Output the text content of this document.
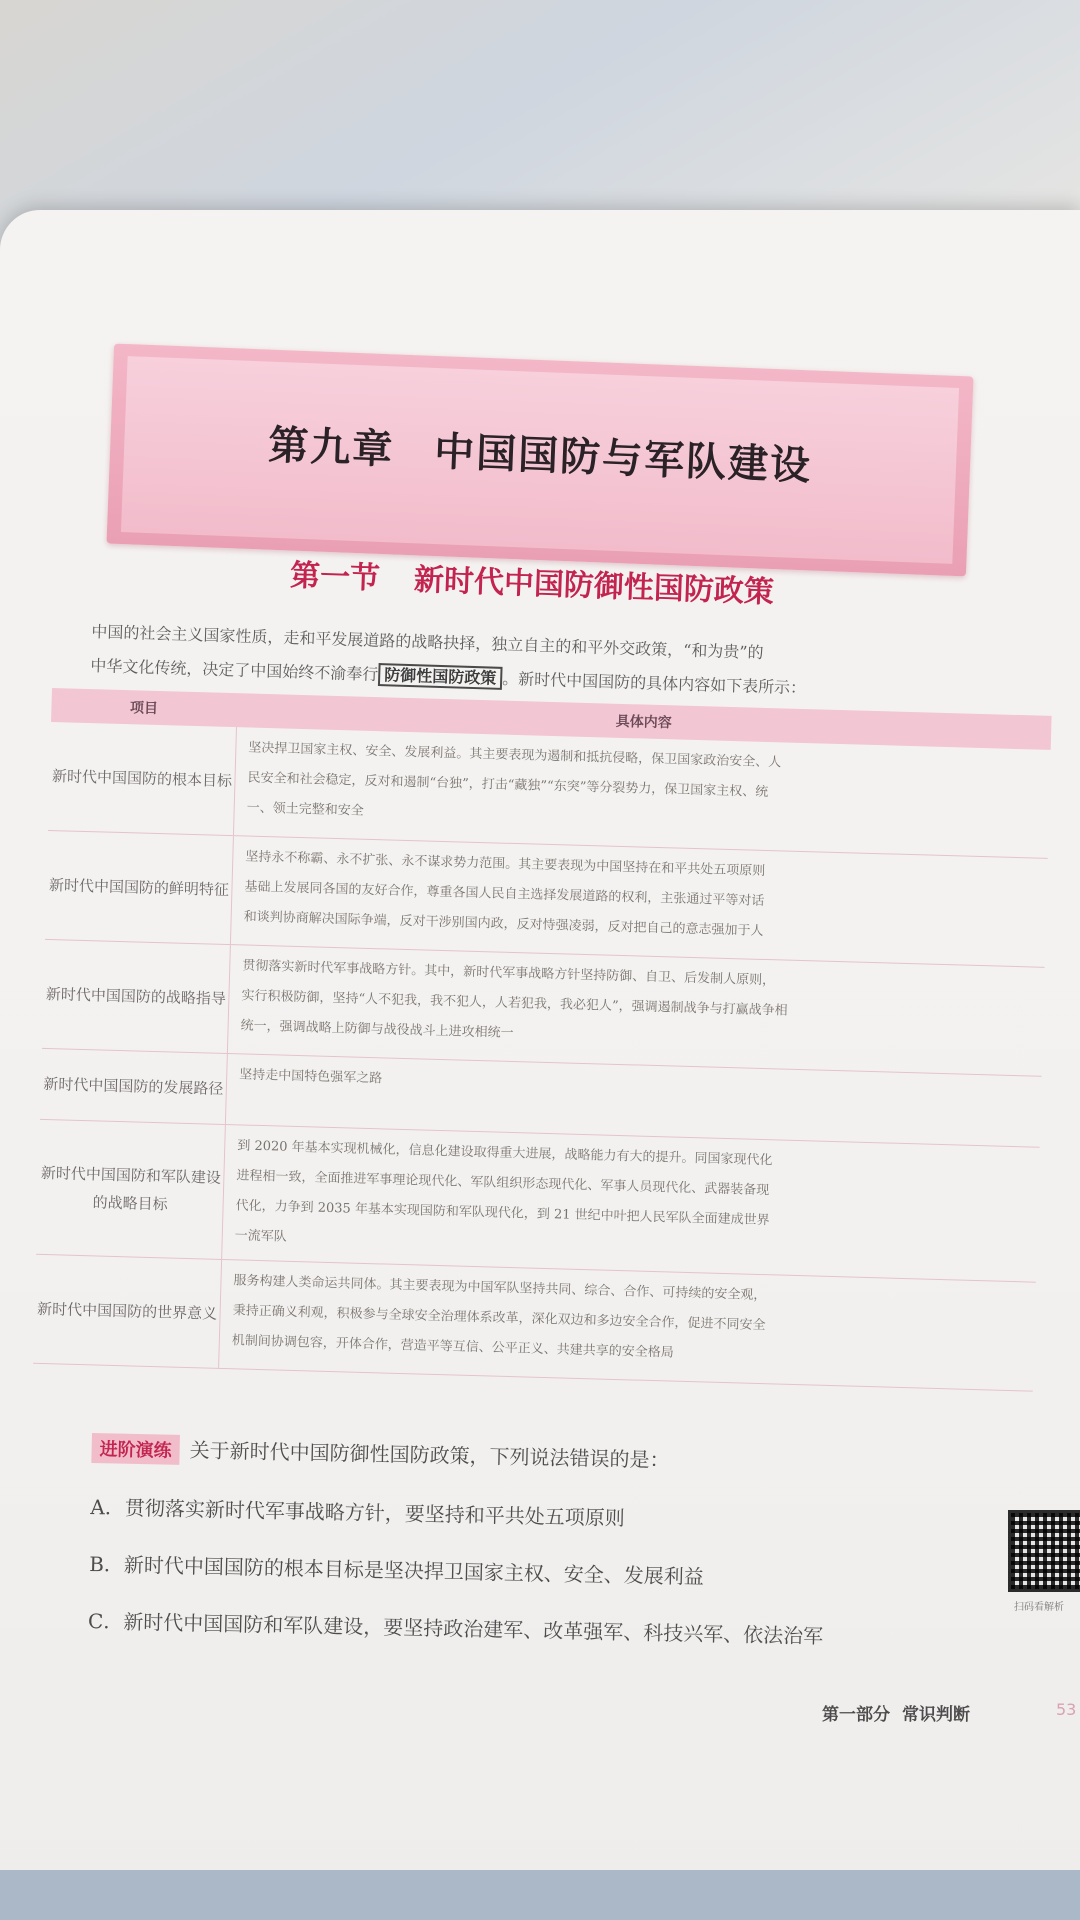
第九章 中国国防与军队建设
第一节 新时代中国防御性国防政策

中国的社会主义国家性质，走和平发展道路的战略抉择，独立自主的和平外交政策，“和为贵”的

中华文化传统，决定了中国始终不渝奉行 防御性国防政策 。新时代中国国防的具体内容如下表所示：

项目
具体内容
新时代中国国防的根本目标

坚决捍卫国家主权、安全、发展利益。其主要表现为遏制和抵抗侵略，保卫国家政治安全、人

民安全和社会稳定，反对和遏制“台独”，打击“藏独”“东突”等分裂势力，保卫国家主权、统

一、领土完整和安全

新时代中国国防的鲜明特征

坚持永不称霸、永不扩张、永不谋求势力范围。其主要表现为中国坚持在和平共处五项原则

基础上发展同各国的友好合作，尊重各国人民自主选择发展道路的权利，主张通过平等对话

和谈判协商解决国际争端，反对干涉别国内政，反对恃强凌弱，反对把自己的意志强加于人

新时代中国国防的战略指导

贯彻落实新时代军事战略方针。其中，新时代军事战略方针坚持防御、自卫、后发制人原则，

实行积极防御，坚持“人不犯我，我不犯人，人若犯我，我必犯人”，强调遏制战争与打赢战争相

统一，强调战略上防御与战役战斗上进攻相统一

新时代中国国防的发展路径	坚持走中国特色强军之路

新时代中国国防和军队建设的战略目标

到 2020 年基本实现机械化，信息化建设取得重大进展，战略能力有大的提升。同国家现代化

进程相一致，全面推进军事理论现代化、军队组织形态现代化、军事人员现代化、武器装备现

代化，力争到 2035 年基本实现国防和军队现代化，到 21 世纪中叶把人民军队全面建成世界

一流军队

新时代中国国防的世界意义

服务构建人类命运共同体。其主要表现为中国军队坚持共同、综合、合作、可持续的安全观，

秉持正确义利观，积极参与全球安全治理体系改革，深化双边和多边安全合作，促进不同安全

机制间协调包容，开体合作，营造平等互信、公平正义、共建共享的安全格局

进阶演练 关于新时代中国防御性国防政策，下列说法错误的是：
A．贯彻落实新时代军事战略方针，要坚持和平共处五项原则
B．新时代中国国防的根本目标是坚决捍卫国家主权、安全、发展利益
C．新时代中国国防和军队建设，要坚持政治建军、改革强军、科技兴军、依法治军
扫码看解析
第一部分 常识判断	53
